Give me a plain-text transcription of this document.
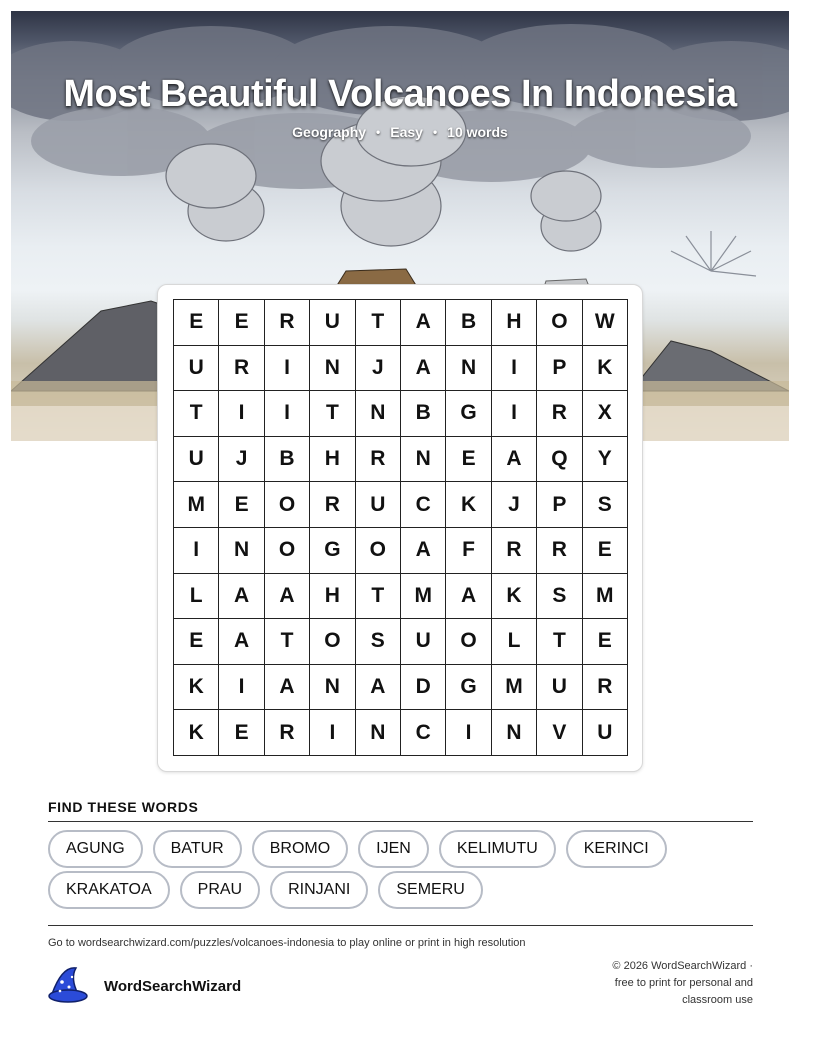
Most Beautiful Volcanoes In Indonesia
Geography • Easy • 10 words
E	E	R	U	T	A	B	H	O	W
U	R	I	N	J	A	N	I	P	K
T	I	I	T	N	B	G	I	R	X
U	J	B	H	R	N	E	A	Q	Y
M	E	O	R	U	C	K	J	P	S
I	N	O	G	O	A	F	R	R	E
L	A	A	H	T	M	A	K	S	M
E	A	T	O	S	U	O	L	T	E
K	I	A	N	A	D	G	M	U	R
K	E	R	I	N	C	I	N	V	U
FIND THESE WORDS
AGUNG	BATUR	BROMO	IJEN	KELIMUTU	KERINCI
KRAKATOA	PRAU	RINJANI	SEMERU
Go to wordsearchwizard.com/puzzles/volcanoes-indonesia to play online or print in high resolution
WordSearchWizard
© 2026 WordSearchWizard ·
free to print for personal and
classroom use
